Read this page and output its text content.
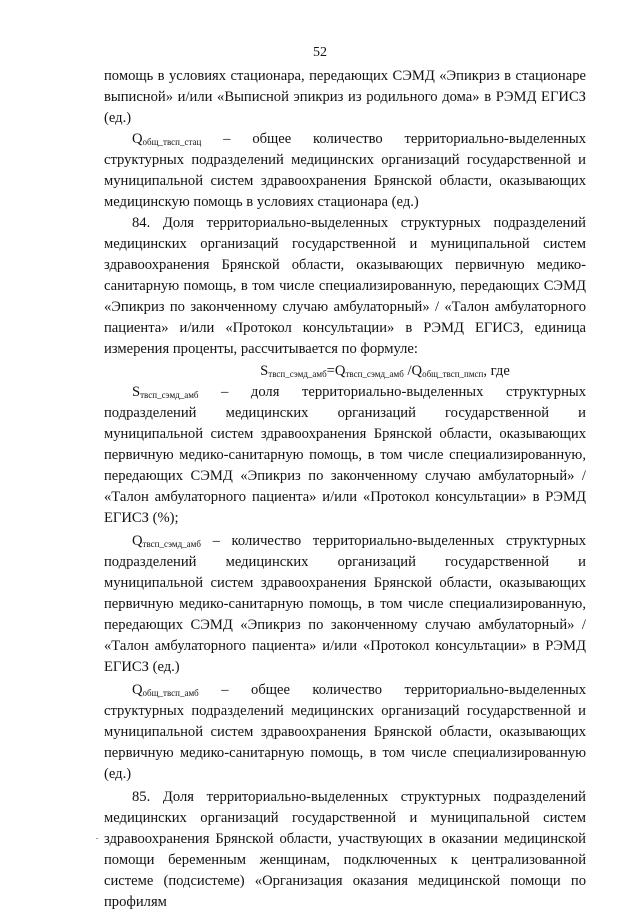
52

помощь в условиях стационара, передающих СЭМД «Эпикриз в стационаре выписной» и/или «Выписной эпикриз из родильного дома» в РЭМД ЕГИСЗ (ед.)

$Q_{общ\_твсп\_стац}$ – общее количество территориально-выделенных структурных подразделений медицинских организаций государственной и муниципальной систем здравоохранения Брянской области, оказывающих медицинскую помощь в условиях стационара (ед.)

84. Доля территориально-выделенных структурных подразделений медицинских организаций государственной и муниципальной систем здравоохранения Брянской области, оказывающих первичную медико-санитарную помощь, в том числе специализированную, передающих СЭМД «Эпикриз по законченному случаю амбулаторный» / «Талон амбулаторного пациента» и/или «Протокол консультации» в РЭМД ЕГИСЗ, единица измерения проценты, рассчитывается по формуле:

$S_{твсп\_сэмд\_амб}=Q_{твсп\_сэмд\_амб}$ $/Q_{общ\_твсп\_пмсп}$, где

$S_{твсп\_сэмд\_амб}$ – доля территориально-выделенных структурных подразделений медицинских организаций государственной и муниципальной систем здравоохранения Брянской области, оказывающих первичную медико-санитарную помощь, в том числе специализированную, передающих СЭМД «Эпикриз по законченному случаю амбулаторный» / «Талон амбулаторного пациента» и/или «Протокол консультации» в РЭМД ЕГИСЗ (%);

$Q_{твсп\_сэмд\_амб}$ – количество территориально-выделенных структурных подразделений медицинских организаций государственной и муниципальной систем здравоохранения Брянской области, оказывающих первичную медико-санитарную помощь, в том числе специализированную, передающих СЭМД «Эпикриз по законченному случаю амбулаторный» / «Талон амбулаторного пациента» и/или «Протокол консультации» в РЭМД ЕГИСЗ (ед.)

$Q_{общ\_твсп\_амб}$ – общее количество территориально-выделенных структурных подразделений медицинских организаций государственной и муниципальной систем здравоохранения Брянской области, оказывающих первичную медико-санитарную помощь, в том числе специализированную (ед.)

85. Доля территориально-выделенных структурных подразделений медицинских организаций государственной и муниципальной систем здравоохранения Брянской области, участвующих в оказании медицинской помощи беременным женщинам, подключенных к централизованной системе (подсистеме) «Организация оказания медицинской помощи по профилям
